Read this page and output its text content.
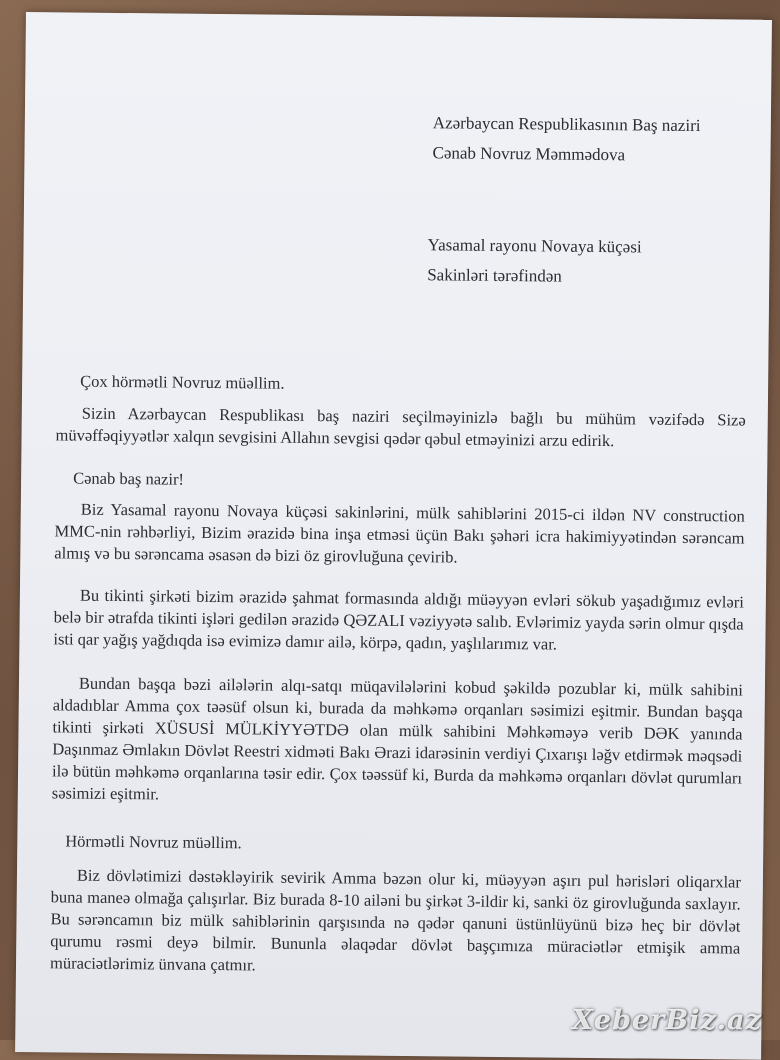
Azərbaycan Respublikasının Baş naziri
Cənab Novruz Məmmədova
Yasamal rayonu Novaya küçəsi
Sakinləri tərəfindən
Çox hörmətli Novruz müəllim.
Sizin Azərbaycan Respublikası baş naziri seçilməyinizlə bağlı bu mühüm vəzifədə Sizə müvəffəqiyyətlər xalqın sevgisini Allahın sevgisi qədər qəbul etməyinizi arzu edirik.
Cənab baş nazir!
Biz Yasamal rayonu Novaya küçəsi sakinlərini, mülk sahiblərini 2015-ci ildən NV construction MMC-nin rəhbərliyi, Bizim ərazidə bina inşa etməsi üçün Bakı şəhəri icra hakimiyyətindən sərəncam almış və bu sərəncama əsasən də bizi öz girovluğuna çevirib.
Bu tikinti şirkəti bizim ərazidə şahmat formasında aldığı müəyyən evləri sökub yaşadığımız evləri belə bir ətrafda tikinti işləri gedilən ərazidə QƏZALI vəziyyətə salıb. Evlərimiz yayda sərin olmur qışda isti qar yağış yağdıqda isə evimizə damır ailə, körpə, qadın, yaşlılarımız var.
Bundan başqa bəzi ailələrin alqı-satqı müqavilələrini kobud şəkildə pozublar ki, mülk sahibini aldadıblar Amma çox təəsüf olsun ki, burada da məhkəmə orqanları səsimizi eşitmir. Bundan başqa tikinti şirkəti XÜSUSİ MÜLKİYYƏTDƏ olan mülk sahibini Məhkəməyə verib DƏK yanında Daşınmaz Əmlakın Dövlət Reestri xidməti Bakı Ərazi idarəsinin verdiyi Çıxarışı ləğv etdirmək məqsədi ilə bütün məhkəmə orqanlarına təsir edir. Çox təəssüf ki, Burda da məhkəmə orqanları dövlət qurumları səsimizi eşitmir.
Hörmətli Novruz müəllim.
Biz dövlətimizi dəstəkləyirik sevirik Amma bəzən olur ki, müəyyən aşırı pul hərisləri oliqarxlar buna maneə olmağa çalışırlar. Biz burada 8-10 ailəni bu şirkət 3-ildir ki, sanki öz girovluğunda saxlayır. Bu sərəncamın biz mülk sahiblərinin qarşısında nə qədər qanuni üstünlüyünü bizə heç bir dövlət qurumu rəsmi deyə bilmir. Bununla əlaqədar dövlət başçımıza müraciətlər etmişik amma müraciətlərimiz ünvana çatmır.
XeberBiz.az
